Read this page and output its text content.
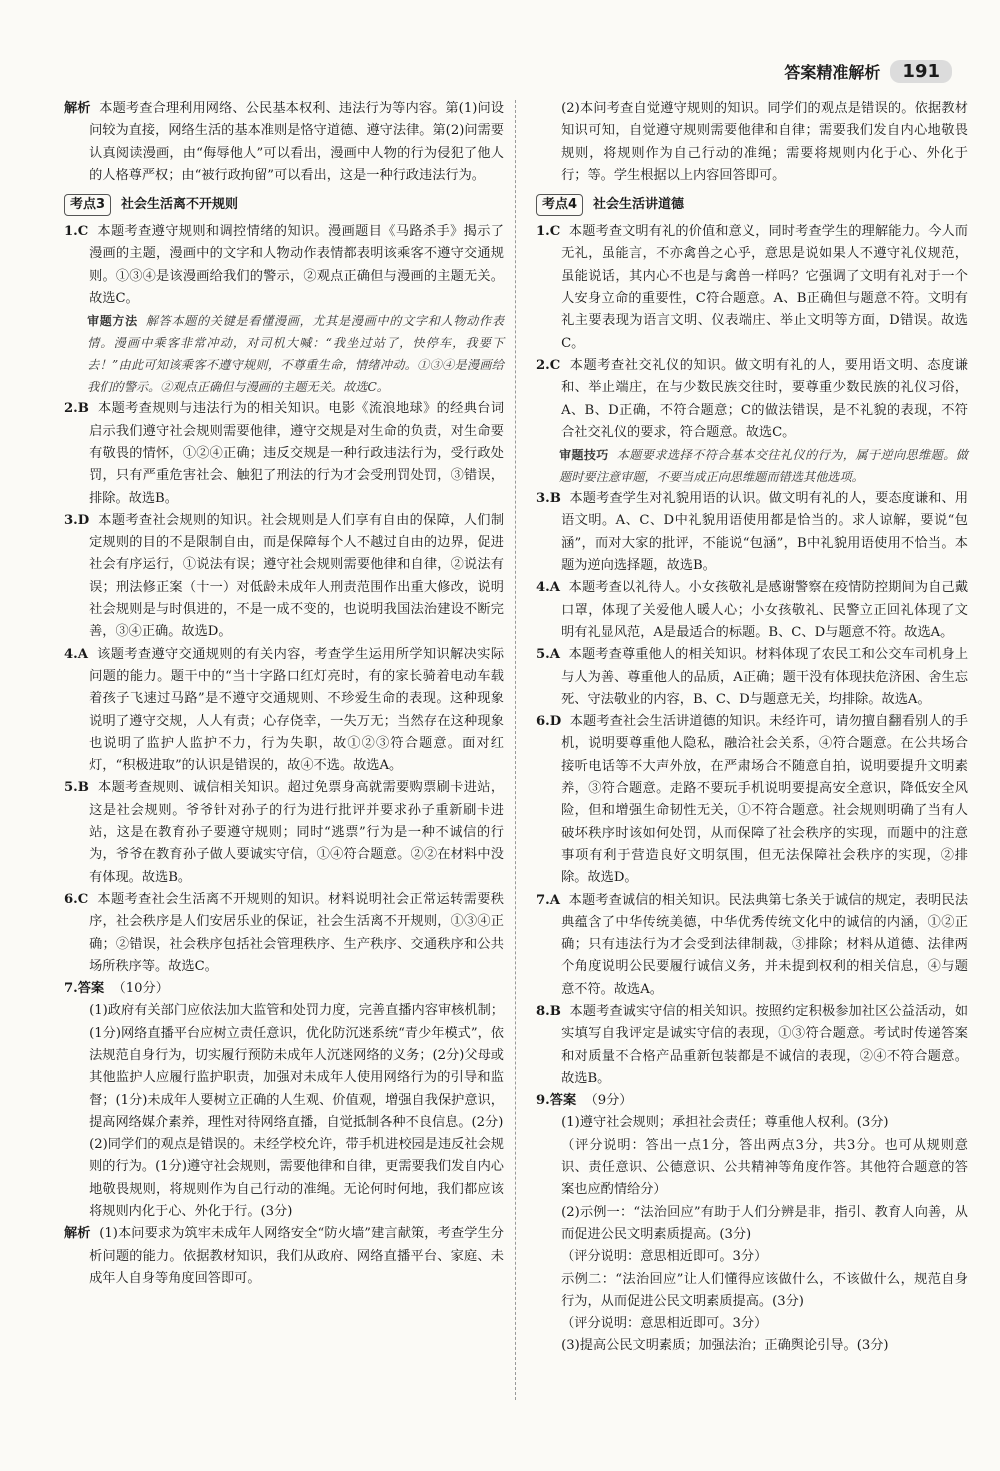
答案精准解析	191

解析 本题考查合理利用网络、公民基本权利、违法行为等内容。第(1)问设问较为直接，网络生活的基本准则是恪守道德、遵守法律。第(2)问需要认真阅读漫画，由“侮辱他人”可以看出，漫画中人物的行为侵犯了他人的人格尊严权；由“被行政拘留”可以看出，这是一种行政违法行为。

考点3	社会生活离不开规则

1.C 本题考查遵守规则和调控情绪的知识。漫画题目《马路杀手》揭示了漫画的主题，漫画中的文字和人物动作表情都表明该乘客不遵守交通规则。①③④是该漫画给我们的警示，②观点正确但与漫画的主题无关。故选C。

审题方法 解答本题的关键是看懂漫画，尤其是漫画中的文字和人物动作表情。漫画中乘客非常冲动，对司机大喊：“我坐过站了，快停车，我要下去！”由此可知该乘客不遵守规则，不尊重生命，情绪冲动。①③④是漫画给我们的警示。②观点正确但与漫画的主题无关。故选C。

2.B 本题考查规则与违法行为的相关知识。电影《流浪地球》的经典台词启示我们遵守社会规则需要他律，遵守交规是对生命的负责，对生命要有敬畏的情怀，①②④正确；违反交规是一种行政违法行为，受行政处罚，只有严重危害社会、触犯了刑法的行为才会受刑罚处罚，③错误，排除。故选B。

3.D 本题考查社会规则的知识。社会规则是人们享有自由的保障，人们制定规则的目的不是限制自由，而是保障每个人不越过自由的边界，促进社会有序运行，①说法有误；遵守社会规则需要他律和自律，②说法有误；刑法修正案（十一）对低龄未成年人刑责范围作出重大修改，说明社会规则是与时俱进的，不是一成不变的，也说明我国法治建设不断完善，③④正确。故选D。

4.A 该题考查遵守交通规则的有关内容，考查学生运用所学知识解决实际问题的能力。题干中的“当十字路口红灯亮时，有的家长骑着电动车载着孩子飞速过马路”是不遵守交通规则、不珍爱生命的表现。这种现象说明了遵守交规，人人有责；心存侥幸，一失万无；当然存在这种现象也说明了监护人监护不力，行为失职，故①②③符合题意。面对红灯，“积极进取”的认识是错误的，故④不选。故选A。

5.B 本题考查规则、诚信相关知识。超过免票身高就需要购票刷卡进站，这是社会规则。爷爷针对孙子的行为进行批评并要求孙子重新刷卡进站，这是在教育孙子要遵守规则；同时“逃票”行为是一种不诚信的行为，爷爷在教育孙子做人要诚实守信，①④符合题意。②②在材料中没有体现。故选B。

6.C 本题考查社会生活离不开规则的知识。材料说明社会正常运转需要秩序，社会秩序是人们安居乐业的保证，社会生活离不开规则，①③④正确；②错误，社会秩序包括社会管理秩序、生产秩序、交通秩序和公共场所秩序等。故选C。

7.答案 （10分）

(1)政府有关部门应依法加大监管和处罚力度，完善直播内容审核机制；(1分)网络直播平台应树立责任意识，优化防沉迷系统“青少年模式”，依法规范自身行为，切实履行预防未成年人沉迷网络的义务；(2分)父母或其他监护人应履行监护职责，加强对未成年人使用网络行为的引导和监督；(1分)未成年人要树立正确的人生观、价值观，增强自我保护意识，提高网络媒介素养，理性对待网络直播，自觉抵制各种不良信息。(2分)

(2)同学们的观点是错误的。未经学校允许，带手机进校园是违反社会规则的行为。(1分)遵守社会规则，需要他律和自律，更需要我们发自内心地敬畏规则，将规则作为自己行动的准绳。无论何时何地，我们都应该将规则内化于心、外化于行。(3分)

解析 (1)本问要求为筑牢未成年人网络安全“防火墙”建言献策，考查学生分析问题的能力。依据教材知识，我们从政府、网络直播平台、家庭、未成年人自身等角度回答即可。

(2)本问考查自觉遵守规则的知识。同学们的观点是错误的。依据教材知识可知，自觉遵守规则需要他律和自律；需要我们发自内心地敬畏规则，将规则作为自己行动的准绳；需要将规则内化于心、外化于行；等。学生根据以上内容回答即可。

考点4	社会生活讲道德

1.C 本题考查文明有礼的价值和意义，同时考查学生的理解能力。今人而无礼，虽能言，不亦禽兽之心乎，意思是说如果人不遵守礼仪规范，虽能说话，其内心不也是与禽兽一样吗？它强调了文明有礼对于一个人安身立命的重要性，C符合题意。A、B正确但与题意不符。文明有礼主要表现为语言文明、仪表端庄、举止文明等方面，D错误。故选C。

2.C 本题考查社交礼仪的知识。做文明有礼的人，要用语文明、态度谦和、举止端庄，在与少数民族交往时，要尊重少数民族的礼仪习俗，A、B、D正确，不符合题意；C的做法错误，是不礼貌的表现，不符合社交礼仪的要求，符合题意。故选C。

审题技巧 本题要求选择不符合基本交往礼仪的行为，属于逆向思维题。做题时要注意审题，不要当成正向思维题而错选其他选项。

3.B 本题考查学生对礼貌用语的认识。做文明有礼的人，要态度谦和、用语文明。A、C、D中礼貌用语使用都是恰当的。求人谅解，要说“包涵”，而对大家的批评，不能说“包涵”，B中礼貌用语使用不恰当。本题为逆向选择题，故选B。

4.A 本题考查以礼待人。小女孩敬礼是感谢警察在疫情防控期间为自己戴口罩，体现了关爱他人暖人心；小女孩敬礼、民警立正回礼体现了文明有礼显风范，A是最适合的标题。B、C、D与题意不符。故选A。

5.A 本题考查尊重他人的相关知识。材料体现了农民工和公交车司机身上与人为善、尊重他人的品质，A正确；题干没有体现扶危济困、舍生忘死、守法敬业的内容，B、C、D与题意无关，均排除。故选A。

6.D 本题考查社会生活讲道德的知识。未经许可，请勿擅自翻看别人的手机，说明要尊重他人隐私，融洽社会关系，④符合题意。在公共场合接听电话等不大声外放，在严肃场合不随意自拍，说明要提升文明素养，③符合题意。走路不要玩手机说明要提高安全意识，降低安全风险，但和增强生命韧性无关，①不符合题意。社会规则明确了当有人破坏秩序时该如何处罚，从而保障了社会秩序的实现，而题中的注意事项有利于营造良好文明氛围，但无法保障社会秩序的实现，②排除。故选D。

7.A 本题考查诚信的相关知识。民法典第七条关于诚信的规定，表明民法典蕴含了中华传统美德，中华优秀传统文化中的诚信的内涵，①②正确；只有违法行为才会受到法律制裁，③排除；材料从道德、法律两个角度说明公民要履行诚信义务，并未提到权利的相关信息，④与题意不符。故选A。

8.B 本题考查诚实守信的相关知识。按照约定积极参加社区公益活动，如实填写自我评定是诚实守信的表现，①③符合题意。考试时传递答案和对质量不合格产品重新包装都是不诚信的表现，②④不符合题意。故选B。

9.答案 （9分）

(1)遵守社会规则；承担社会责任；尊重他人权利。(3分)

（评分说明：答出一点1分，答出两点3分，共3分。也可从规则意识、责任意识、公德意识、公共精神等角度作答。其他符合题意的答案也应酌情给分）

(2)示例一：“法治回应”有助于人们分辨是非，指引、教育人向善，从而促进公民文明素质提高。(3分)

（评分说明：意思相近即可。3分）

示例二：“法治回应”让人们懂得应该做什么，不该做什么，规范自身行为，从而促进公民文明素质提高。(3分)

（评分说明：意思相近即可。3分）

(3)提高公民文明素质；加强法治；正确舆论引导。(3分)
